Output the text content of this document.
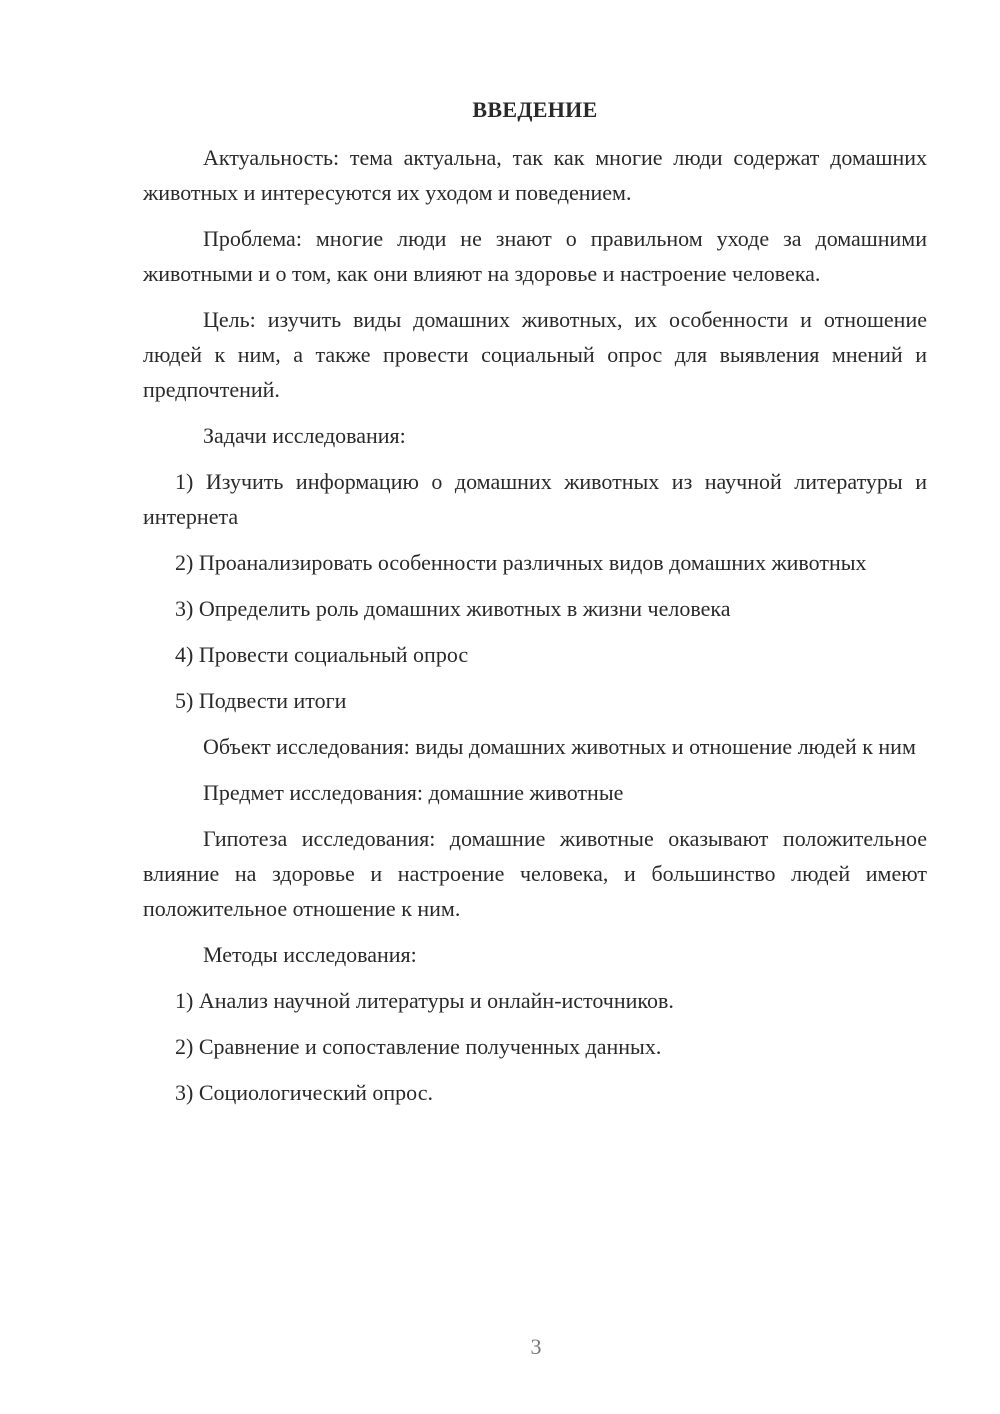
ВВЕДЕНИЕ

Актуальность: тема актуальна, так как многие люди содержат домашних животных и интересуются их уходом и поведением.

Проблема: многие люди не знают о правильном уходе за домашними животными и о том, как они влияют на здоровье и настроение человека.

Цель: изучить виды домашних животных, их особенности и отношение людей к ним, а также провести социальный опрос для выявления мнений и предпочтений.

Задачи исследования:

1) Изучить информацию о домашних животных из научной литературы и интернета

2) Проанализировать особенности различных видов домашних животных

3) Определить роль домашних животных в жизни человека

4) Провести социальный опрос

5) Подвести итоги

Объект исследования: виды домашних животных и отношение людей к ним

Предмет исследования: домашние животные

Гипотеза исследования: домашние животные оказывают положительное влияние на здоровье и настроение человека, и большинство людей имеют положительное отношение к ним.

Методы исследования:

1) Анализ научной литературы и онлайн-источников.

2) Сравнение и сопоставление полученных данных.

3) Социологический опрос.

3
